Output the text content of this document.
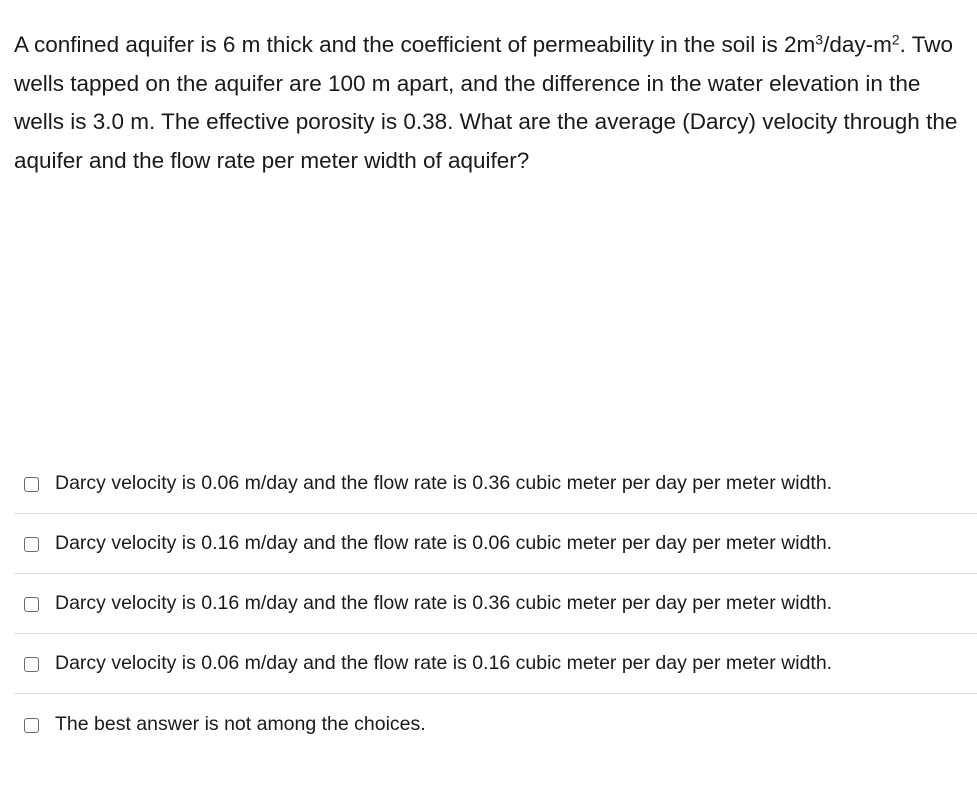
A confined aquifer is 6 m thick and the coefficient of permeability in the soil is $2m^3/day-m^2$. Two wells tapped on the aquifer are 100 m apart, and the difference in the water elevation in the wells is 3.0 m. The effective porosity is 0.38. What are the average (Darcy) velocity through the aquifer and the flow rate per meter width of aquifer?

Darcy velocity is 0.06 m/day and the flow rate is 0.36 cubic meter per day per meter width.
Darcy velocity is 0.16 m/day and the flow rate is 0.06 cubic meter per day per meter width.
Darcy velocity is 0.16 m/day and the flow rate is 0.36 cubic meter per day per meter width.
Darcy velocity is 0.06 m/day and the flow rate is 0.16 cubic meter per day per meter width.
The best answer is not among the choices.
